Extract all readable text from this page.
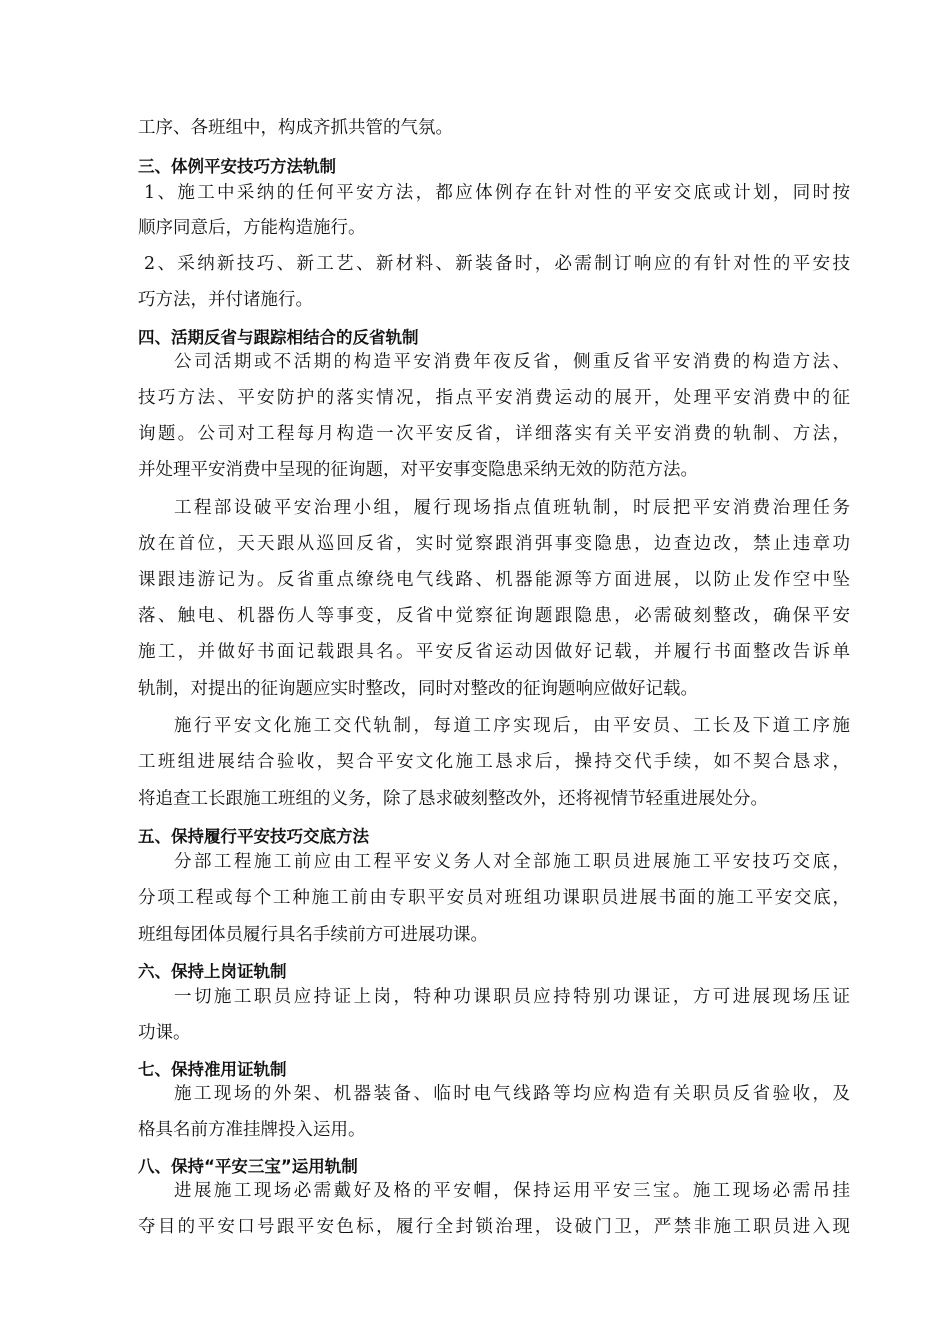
工序、各班组中，构成齐抓共管的气氛。
三、体例平安技巧方法轨制
1、施工中采纳的任何平安方法，都应体例存在针对性的平安交底或计划，同时按
顺序同意后，方能构造施行。
2、采纳新技巧、新工艺、新材料、新装备时，必需制订响应的有针对性的平安技
巧方法，并付诸施行。
四、活期反省与跟踪相结合的反省轨制
公司活期或不活期的构造平安消费年夜反省，侧重反省平安消费的构造方法、
技巧方法、平安防护的落实情况，指点平安消费运动的展开，处理平安消费中的征
询题。公司对工程每月构造一次平安反省，详细落实有关平安消费的轨制、方法，
并处理平安消费中呈现的征询题，对平安事变隐患采纳无效的防范方法。
工程部设破平安治理小组，履行现场指点值班轨制，时辰把平安消费治理任务
放在首位，天天跟从巡回反省，实时觉察跟消弭事变隐患，边查边改，禁止违章功
课跟违游记为。反省重点缭绕电气线路、机器能源等方面进展，以防止发作空中坠
落、触电、机器伤人等事变，反省中觉察征询题跟隐患，必需破刻整改，确保平安
施工，并做好书面记载跟具名。平安反省运动因做好记载，并履行书面整改告诉单
轨制，对提出的征询题应实时整改，同时对整改的征询题响应做好记载。
施行平安文化施工交代轨制，每道工序实现后，由平安员、工长及下道工序施
工班组进展结合验收，契合平安文化施工恳求后，操持交代手续，如不契合恳求，
将追查工长跟施工班组的义务，除了恳求破刻整改外，还将视情节轻重进展处分。
五、保持履行平安技巧交底方法
分部工程施工前应由工程平安义务人对全部施工职员进展施工平安技巧交底，
分项工程或每个工种施工前由专职平安员对班组功课职员进展书面的施工平安交底，
班组每团体员履行具名手续前方可进展功课。
六、保持上岗证轨制
一切施工职员应持证上岗，特种功课职员应持特别功课证，方可进展现场压证
功课。
七、保持准用证轨制
施工现场的外架、机器装备、临时电气线路等均应构造有关职员反省验收，及
格具名前方准挂牌投入运用。
八、保持“平安三宝”运用轨制
进展施工现场必需戴好及格的平安帽，保持运用平安三宝。施工现场必需吊挂
夺目的平安口号跟平安色标，履行全封锁治理，设破门卫，严禁非施工职员进入现
